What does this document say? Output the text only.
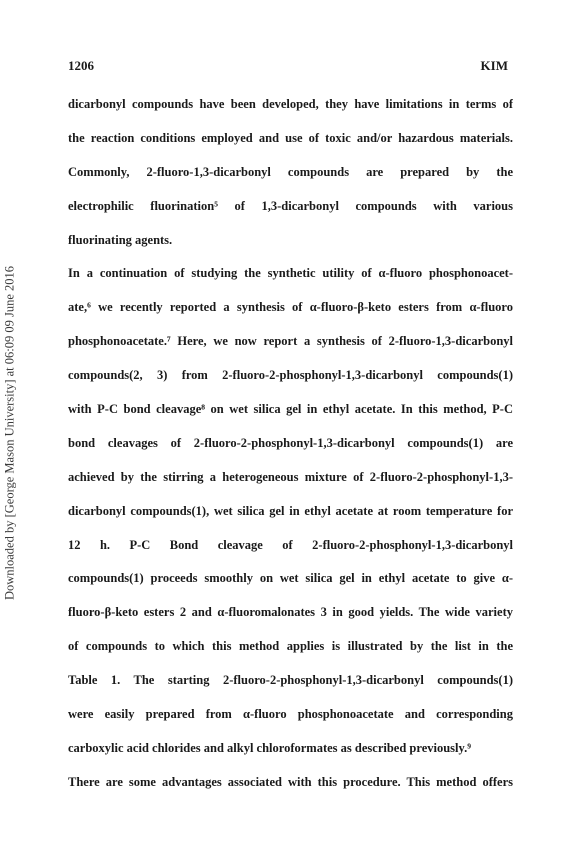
1206	KIM
Downloaded by [George Mason University] at 06:09 09 June 2016
dicarbonyl compounds have been developed, they have limitations in terms of
the reaction conditions employed and use of toxic and/or hazardous materials.
Commonly, 2-fluoro-1,3-dicarbonyl compounds are prepared by the
electrophilic fluorination⁵ of 1,3-dicarbonyl compounds with various
fluorinating agents.
In a continuation of studying the synthetic utility of α-fluoro phosphonoacet-
ate,⁶ we recently reported a synthesis of α-fluoro-β-keto esters from α-fluoro
phosphonoacetate.⁷ Here, we now report a synthesis of 2-fluoro-1,3-dicarbonyl
compounds(2, 3) from 2-fluoro-2-phosphonyl-1,3-dicarbonyl compounds(1)
with P-C bond cleavage⁸ on wet silica gel in ethyl acetate. In this method, P-C
bond cleavages of 2-fluoro-2-phosphonyl-1,3-dicarbonyl compounds(1) are
achieved by the stirring a heterogeneous mixture of 2-fluoro-2-phosphonyl-1,3-
dicarbonyl compounds(1), wet silica gel in ethyl acetate at room temperature for
12 h. P-C Bond cleavage of 2-fluoro-2-phosphonyl-1,3-dicarbonyl
compounds(1) proceeds smoothly on wet silica gel in ethyl acetate to give α-
fluoro-β-keto esters 2 and α-fluoromalonates 3 in good yields. The wide variety
of compounds to which this method applies is illustrated by the list in the
Table 1. The starting 2-fluoro-2-phosphonyl-1,3-dicarbonyl compounds(1)
were easily prepared from α-fluoro phosphonoacetate and corresponding
carboxylic acid chlorides and alkyl chloroformates as described previously.⁹
There are some advantages associated with this procedure. This method offers
